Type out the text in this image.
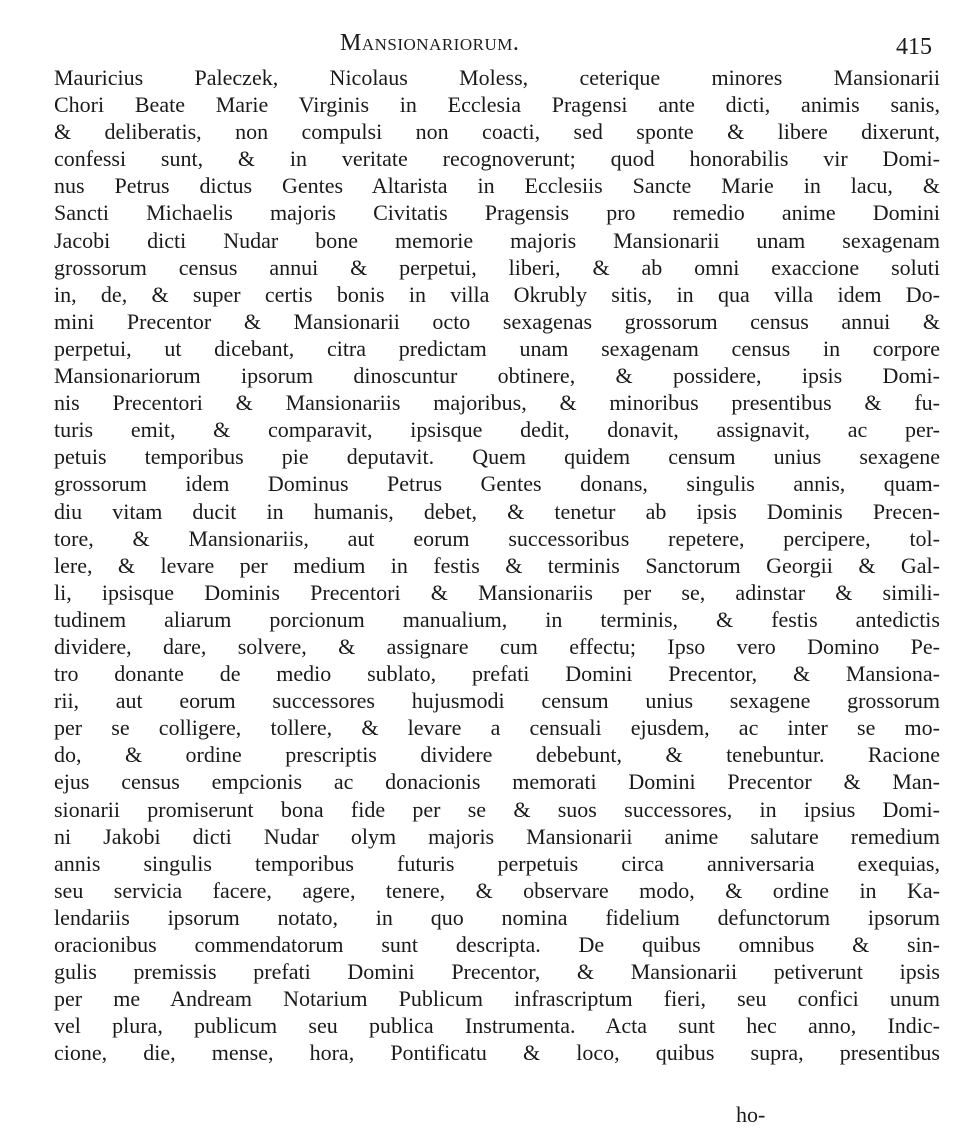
Mansionariorum.	415
Mauricius Paleczek, Nicolaus Moless, ceterique minores Mansionarii
Chori Beate Marie Virginis in Ecclesia Pragensi ante dicti, animis sanis,
& deliberatis, non compulsi non coacti, sed sponte & libere dixerunt,
confessi sunt, & in veritate recognoverunt; quod honorabilis vir Domi-
nus Petrus dictus Gentes Altarista in Ecclesiis Sancte Marie in lacu, &
Sancti Michaelis majoris Civitatis Pragensis pro remedio anime Domini
Jacobi dicti Nudar bone memorie majoris Mansionarii unam sexagenam
grossorum census annui & perpetui, liberi, & ab omni exaccione soluti
in, de, & super certis bonis in villa Okrubly sitis, in qua villa idem Do-
mini Precentor & Mansionarii octo sexagenas grossorum census annui &
perpetui, ut dicebant, citra predictam unam sexagenam census in corpore
Mansionariorum ipsorum dinoscuntur obtinere, & possidere, ipsis Domi-
nis Precentori & Mansionariis majoribus, & minoribus presentibus & fu-
turis emit, & comparavit, ipsisque dedit, donavit, assignavit, ac per-
petuis temporibus pie deputavit. Quem quidem censum unius sexagene
grossorum idem Dominus Petrus Gentes donans, singulis annis, quam-
diu vitam ducit in humanis, debet, & tenetur ab ipsis Dominis Precen-
tore, & Mansionariis, aut eorum successoribus repetere, percipere, tol-
lere, & levare per medium in festis & terminis Sanctorum Georgii & Gal-
li, ipsisque Dominis Precentori & Mansionariis per se, adinstar & simili-
tudinem aliarum porcionum manualium, in terminis, & festis antedictis
dividere, dare, solvere, & assignare cum effectu; Ipso vero Domino Pe-
tro donante de medio sublato, prefati Domini Precentor, & Mansiona-
rii, aut eorum successores hujusmodi censum unius sexagene grossorum
per se colligere, tollere, & levare a censuali ejusdem, ac inter se mo-
do, & ordine prescriptis dividere debebunt, & tenebuntur. Racione
ejus census empcionis ac donacionis memorati Domini Precentor & Man-
sionarii promiserunt bona fide per se & suos successores, in ipsius Domi-
ni Jakobi dicti Nudar olym majoris Mansionarii anime salutare remedium
annis singulis temporibus futuris perpetuis circa anniversaria exequias,
seu servicia facere, agere, tenere, & observare modo, & ordine in Ka-
lendariis ipsorum notato, in quo nomina fidelium defunctorum ipsorum
oracionibus commendatorum sunt descripta. De quibus omnibus & sin-
gulis premissis prefati Domini Precentor, & Mansionarii petiverunt ipsis
per me Andream Notarium Publicum infrascriptum fieri, seu confici unum
vel plura, publicum seu publica Instrumenta. Acta sunt hec anno, Indic-
cione, die, mense, hora, Pontificatu & loco, quibus supra, presentibus
ho-
